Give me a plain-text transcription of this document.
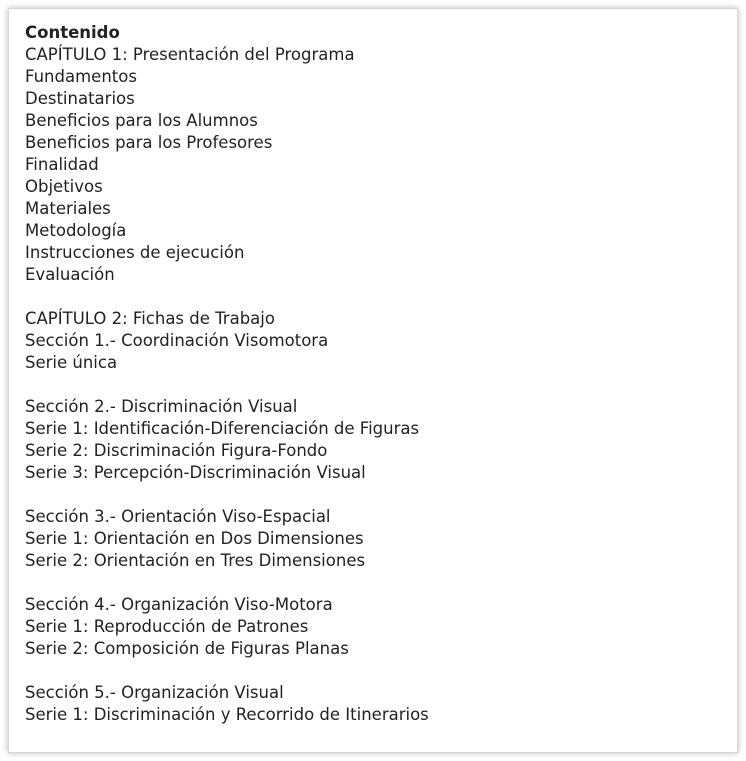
Contenido
CAPÍTULO 1: Presentación del Programa
Fundamentos
Destinatarios
Beneficios para los Alumnos
Beneficios para los Profesores
Finalidad
Objetivos
Materiales
Metodología
Instrucciones de ejecución
Evaluación
CAPÍTULO 2: Fichas de Trabajo
Sección 1.- Coordinación Visomotora
Serie única
Sección 2.- Discriminación Visual
Serie 1: Identificación-Diferenciación de Figuras
Serie 2: Discriminación Figura-Fondo
Serie 3: Percepción-Discriminación Visual
Sección 3.- Orientación Viso-Espacial
Serie 1: Orientación en Dos Dimensiones
Serie 2: Orientación en Tres Dimensiones
Sección 4.- Organización Viso-Motora
Serie 1: Reproducción de Patrones
Serie 2: Composición de Figuras Planas
Sección 5.- Organización Visual
Serie 1: Discriminación y Recorrido de Itinerarios
